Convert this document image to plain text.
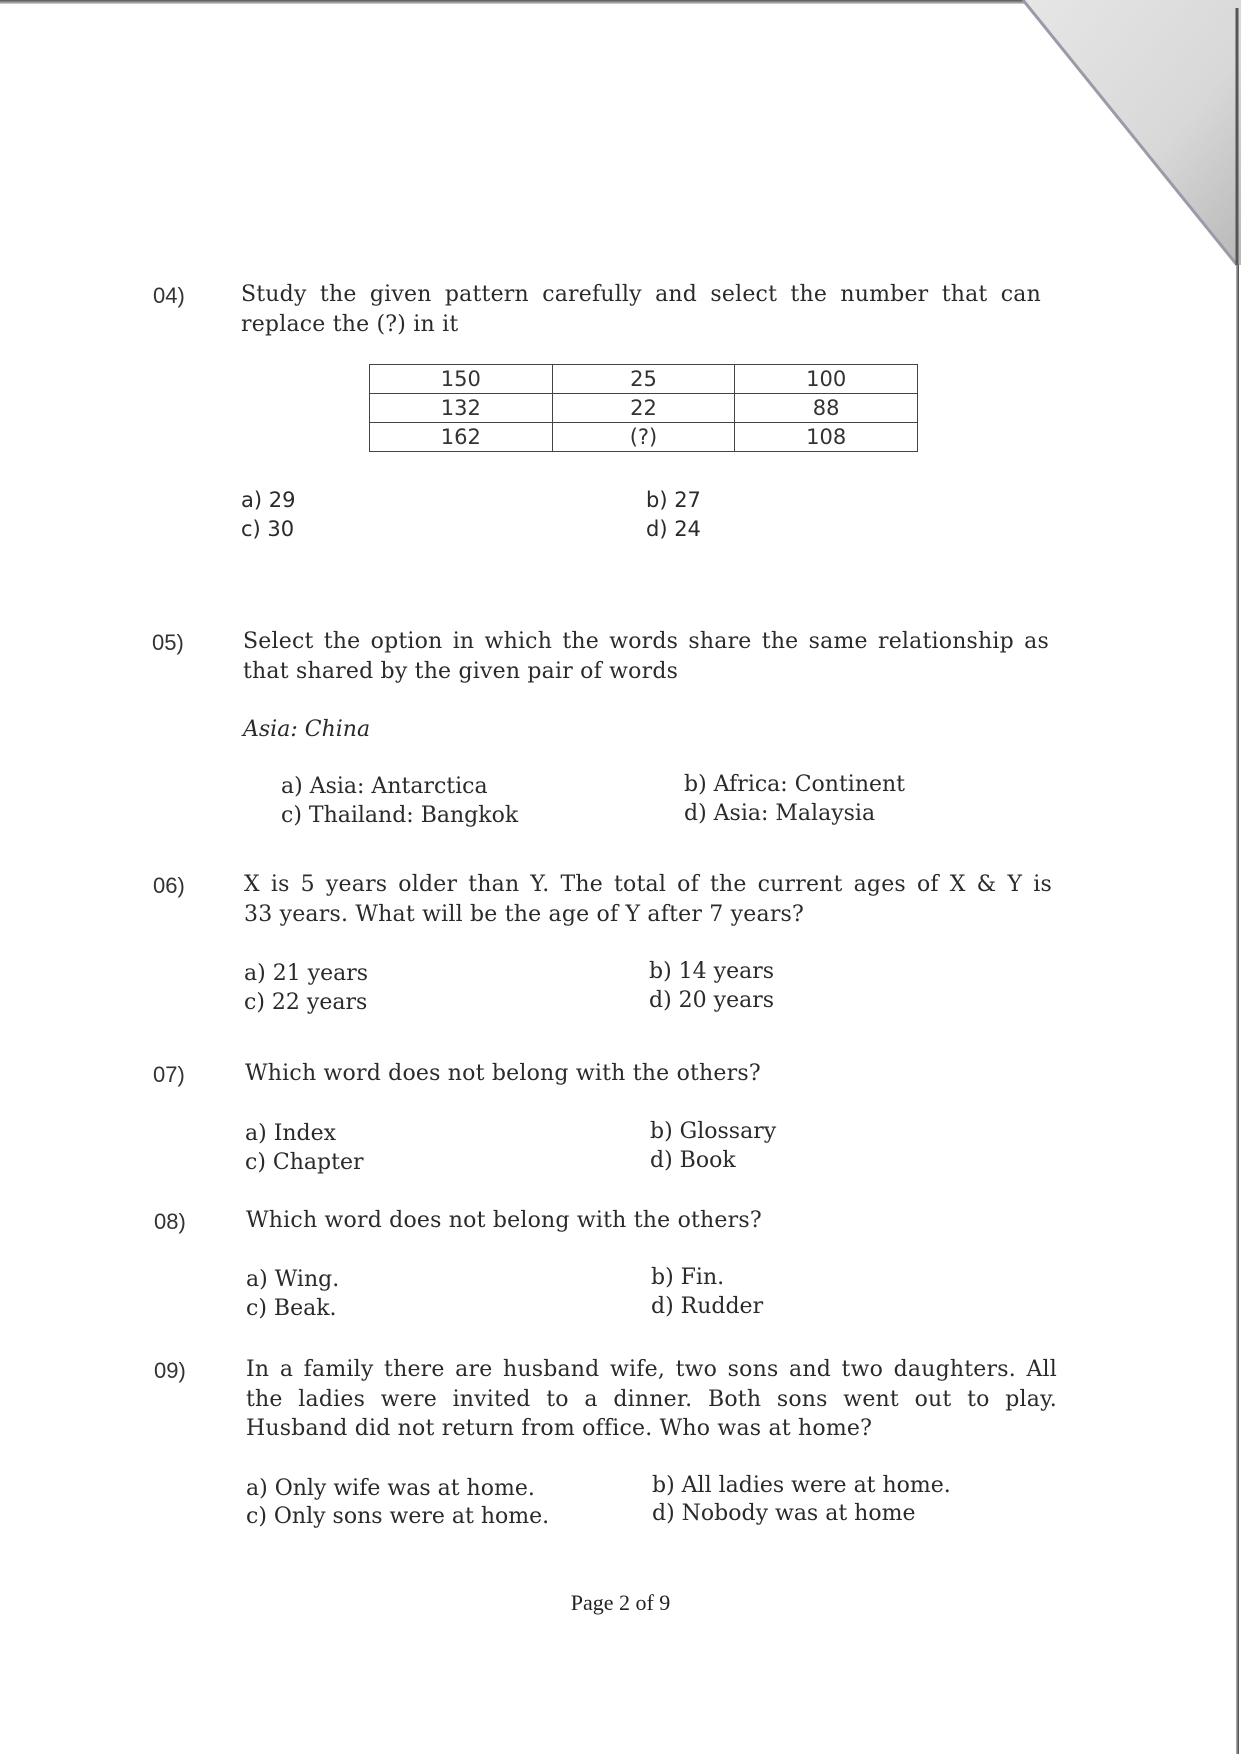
04)	Study the given pattern carefully and select the number that can
replace the (?) in it
150	25	100
132	22	88
162	(?)	108
a) 29	b) 27
c) 30	d) 24
05)	Select the option in which the words share the same relationship as
that shared by the given pair of words
Asia: China
a) Asia: Antarctica	b) Africa: Continent
c) Thailand: Bangkok	d) Asia: Malaysia
06)	X is 5 years older than Y. The total of the current ages of X & Y is
33 years. What will be the age of Y after 7 years?
a) 21 years	b) 14 years
c) 22 years	d) 20 years
07)	Which word does not belong with the others?
a) Index	b) Glossary
c) Chapter	d) Book
08)	Which word does not belong with the others?
a) Wing.	b) Fin.
c) Beak.	d) Rudder
09)	In a family there are husband wife, two sons and two daughters. All
the ladies were invited to a dinner. Both sons went out to play.
Husband did not return from office. Who was at home?
a) Only wife was at home.	b) All ladies were at home.
c) Only sons were at home.	d) Nobody was at home
Page 2 of 9
